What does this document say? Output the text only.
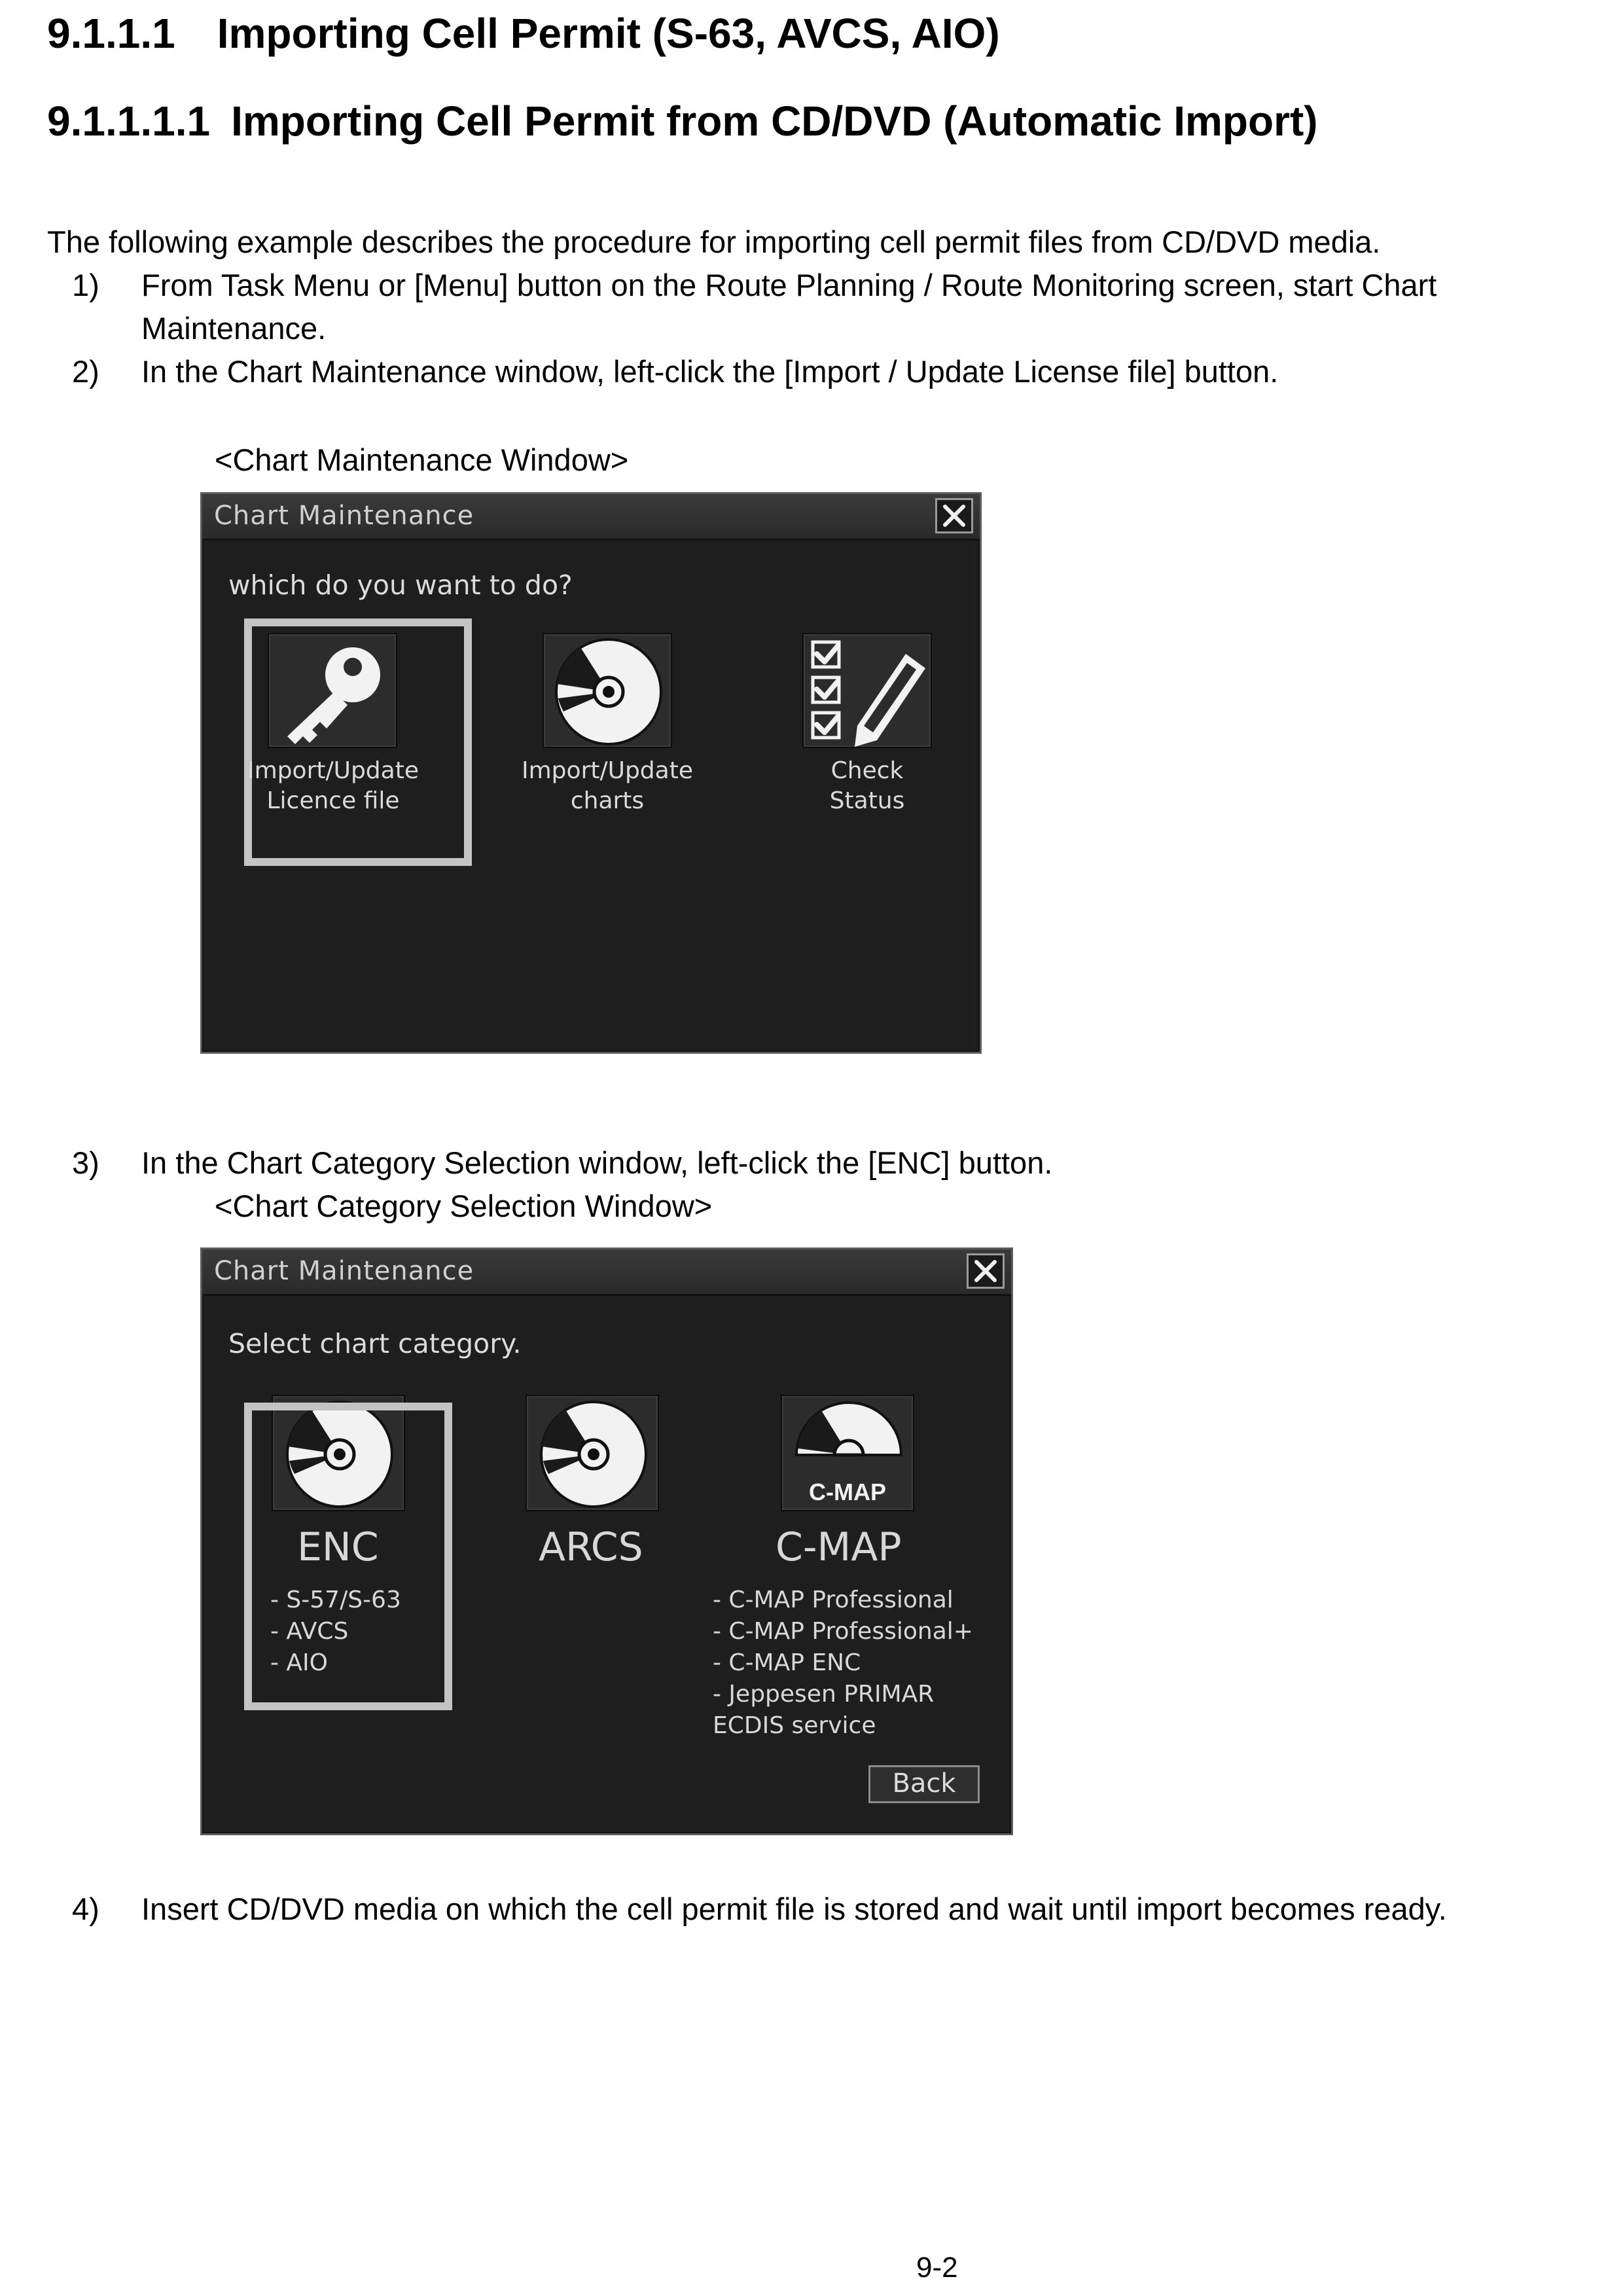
9.1.1.1 Importing Cell Permit (S-63, AVCS, AIO)
9.1.1.1.1 Importing Cell Permit from CD/DVD (Automatic Import)
The following example describes the procedure for importing cell permit files from CD/DVD media.
1) From Task Menu or [Menu] button on the Route Planning / Route Monitoring screen, start Chart
Maintenance.
2) In the Chart Maintenance window, left-click the [Import / Update License file] button.
<Chart Maintenance Window>
Chart Maintenance
which do you want to do?
Import/Update
Licence file
Import/Update
charts
Check
Status
3) In the Chart Category Selection window, left-click the [ENC] button.
<Chart Category Selection Window>
Chart Maintenance
Select chart category.
ENC
- S-57/S-63
- AVCS
- AIO
ARCS
C-MAP
C-MAP
- C-MAP Professional
- C-MAP Professional+
- C-MAP ENC
- Jeppesen PRIMAR
ECDIS service
Back
4) Insert CD/DVD media on which the cell permit file is stored and wait until import becomes ready.
9-2
